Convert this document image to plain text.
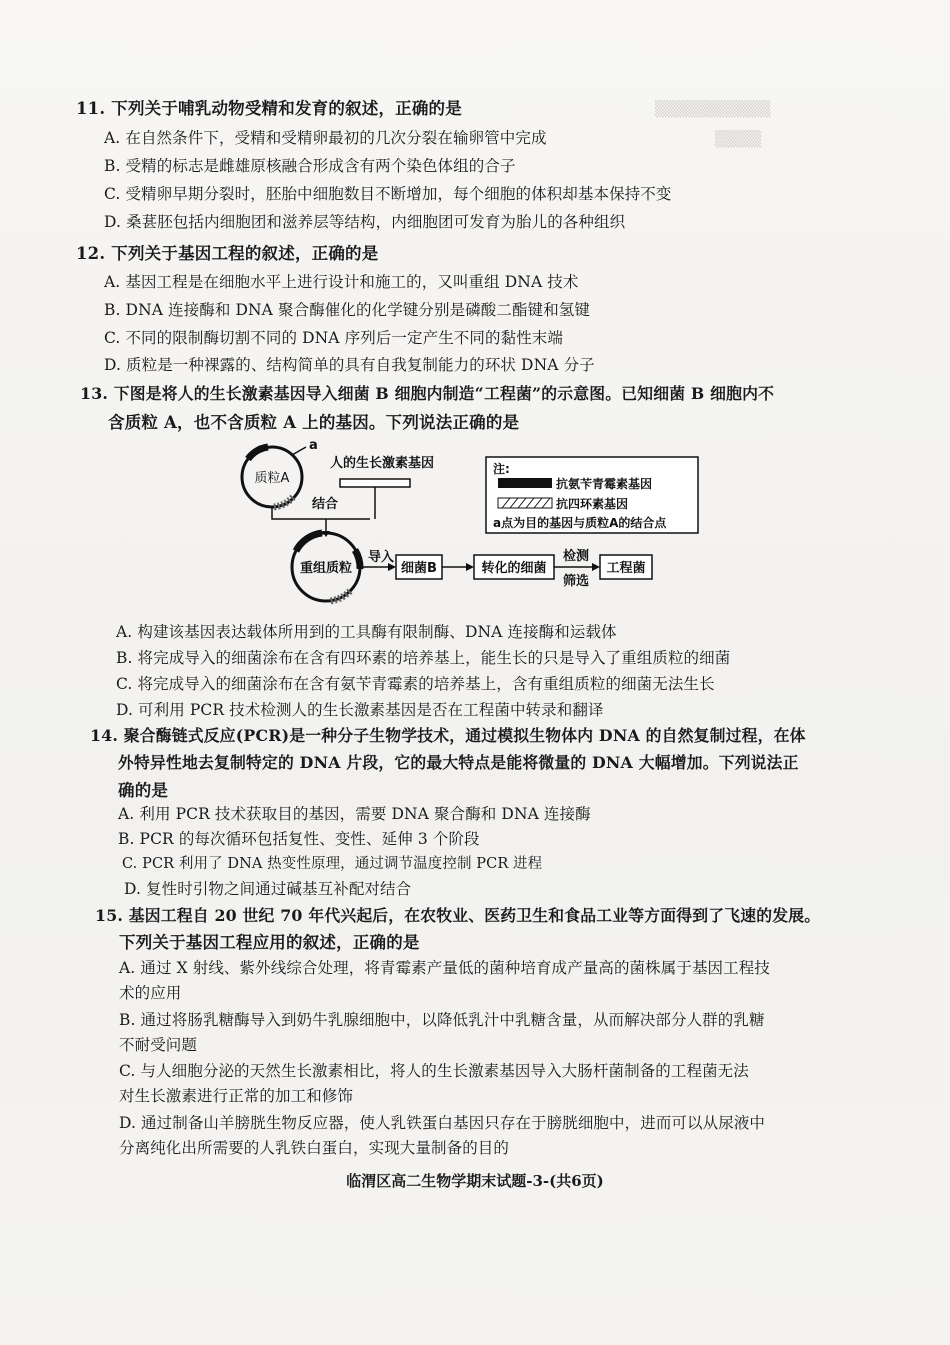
▒▒▒▒▒▒▒▒▒▒
▒▒▒▒
11. 下列关于哺乳动物受精和发育的叙述，正确的是
A. 在自然条件下，受精和受精卵最初的几次分裂在输卵管中完成
B. 受精的标志是雌雄原核融合形成含有两个染色体组的合子
C. 受精卵早期分裂时，胚胎中细胞数目不断增加，每个细胞的体积却基本保持不变
D. 桑葚胚包括内细胞团和滋养层等结构，内细胞团可发育为胎儿的各种组织
12. 下列关于基因工程的叙述，正确的是
A. 基因工程是在细胞水平上进行设计和施工的，又叫重组 DNA 技术
B. DNA 连接酶和 DNA 聚合酶催化的化学键分别是磷酸二酯键和氢键
C. 不同的限制酶切割不同的 DNA 序列后一定产生不同的黏性末端
D. 质粒是一种裸露的、结构简单的具有自我复制能力的环状 DNA 分子
13. 下图是将人的生长激素基因导入细菌 B 细胞内制造“工程菌”的示意图。已知细菌 B 细胞内不
含质粒 A，也不含质粒 A 上的基因。下列说法正确的是
质粒A
a
人的生长激素基因
结合
重组质粒
导入
细菌B	转化的细菌
检测
筛选
工程菌
注:
抗氨苄青霉素基因
抗四环素基因
a点为目的基因与质粒A的结合点
A. 构建该基因表达载体所用到的工具酶有限制酶、DNA 连接酶和运载体
B. 将完成导入的细菌涂布在含有四环素的培养基上，能生长的只是导入了重组质粒的细菌
C. 将完成导入的细菌涂布在含有氨苄青霉素的培养基上，含有重组质粒的细菌无法生长
D. 可利用 PCR 技术检测人的生长激素基因是否在工程菌中转录和翻译
14. 聚合酶链式反应(PCR)是一种分子生物学技术，通过模拟生物体内 DNA 的自然复制过程，在体
外特异性地去复制特定的 DNA 片段，它的最大特点是能将微量的 DNA 大幅增加。下列说法正
确的是
A. 利用 PCR 技术获取目的基因，需要 DNA 聚合酶和 DNA 连接酶
B. PCR 的每次循环包括复性、变性、延伸 3 个阶段
C. PCR 利用了 DNA 热变性原理，通过调节温度控制 PCR 进程
D. 复性时引物之间通过碱基互补配对结合
15. 基因工程自 20 世纪 70 年代兴起后，在农牧业、医药卫生和食品工业等方面得到了飞速的发展。
下列关于基因工程应用的叙述，正确的是
A. 通过 X 射线、紫外线综合处理，将青霉素产量低的菌种培育成产量高的菌株属于基因工程技
术的应用
B. 通过将肠乳糖酶导入到奶牛乳腺细胞中，以降低乳汁中乳糖含量，从而解决部分人群的乳糖
不耐受问题
C. 与人细胞分泌的天然生长激素相比，将人的生长激素基因导入大肠杆菌制备的工程菌无法
对生长激素进行正常的加工和修饰
D. 通过制备山羊膀胱生物反应器，使人乳铁蛋白基因只存在于膀胱细胞中，进而可以从尿液中
分离纯化出所需要的人乳铁白蛋白，实现大量制备的目的
临渭区高二生物学期末试题-3-(共6页)
